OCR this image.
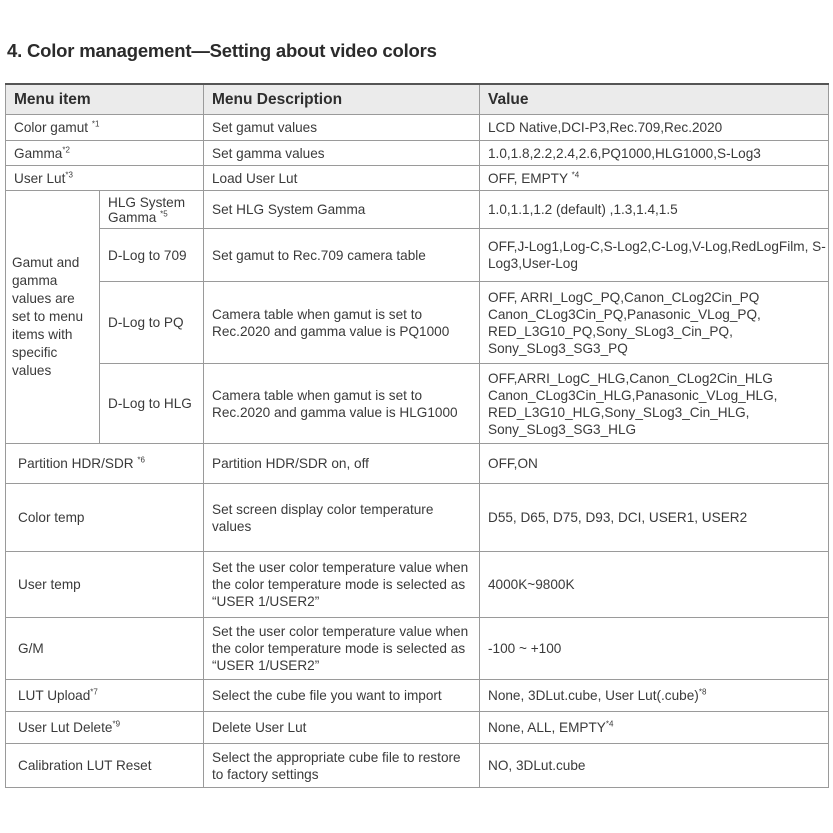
4. Color management—Setting about video colors
Menu item		Menu Description	Value
Color gamut $^{*1}$		Set gamut values	LCD Native,DCI-P3,Rec.709,Rec.2020
Gamma$^{*2}$		Set gamma values	1.0,1.8,2.2,2.4,2.6,PQ1000,HLG1000,S-Log3
User Lut$^{*3}$		Load User Lut	OFF, EMPTY $^{*4}$
Gamut and gamma values are set to menu items with specific values	HLG System Gamma $^{*5}$	Set HLG System Gamma	1.0,1.1,1.2 (default) ,1.3,1.4,1.5
	D-Log to 709	Set gamut to Rec.709 camera table	OFF,J-Log1,Log-C,S-Log2,C-Log,V-Log,RedLogFilm, S-Log3,User-Log
	D-Log to PQ	Camera table when gamut is set to Rec.2020 and gamma value is PQ1000	OFF, ARRI_LogC_PQ,Canon_CLog2Cin_PQ Canon_CLog3Cin_PQ,Panasonic_VLog_PQ, RED_L3G10_PQ,Sony_SLog3_Cin_PQ, Sony_SLog3_SG3_PQ
	D-Log to HLG	Camera table when gamut is set to Rec.2020 and gamma value is HLG1000	OFF,ARRI_LogC_HLG,Canon_CLog2Cin_HLG Canon_CLog3Cin_HLG,Panasonic_VLog_HLG, RED_L3G10_HLG,Sony_SLog3_Cin_HLG, Sony_SLog3_SG3_HLG
Partition HDR/SDR $^{*6}$		Partition HDR/SDR on, off	OFF,ON
Color temp		Set screen display color temperature values	D55, D65, D75, D93, DCI, USER1, USER2
User temp		Set the user color temperature value when the color temperature mode is selected as “USER 1/USER2”	4000K~9800K
G/M		Set the user color temperature value when the color temperature mode is selected as “USER 1/USER2”	-100 ~ +100
LUT Upload$^{*7}$		Select the cube file you want to import	None, 3DLut.cube, User Lut(.cube)$^{*8}$
User Lut Delete$^{*9}$		Delete User Lut	None, ALL, EMPTY$^{*4}$
Calibration LUT Reset		Select the appropriate cube file to restore to factory settings	NO, 3DLut.cube
